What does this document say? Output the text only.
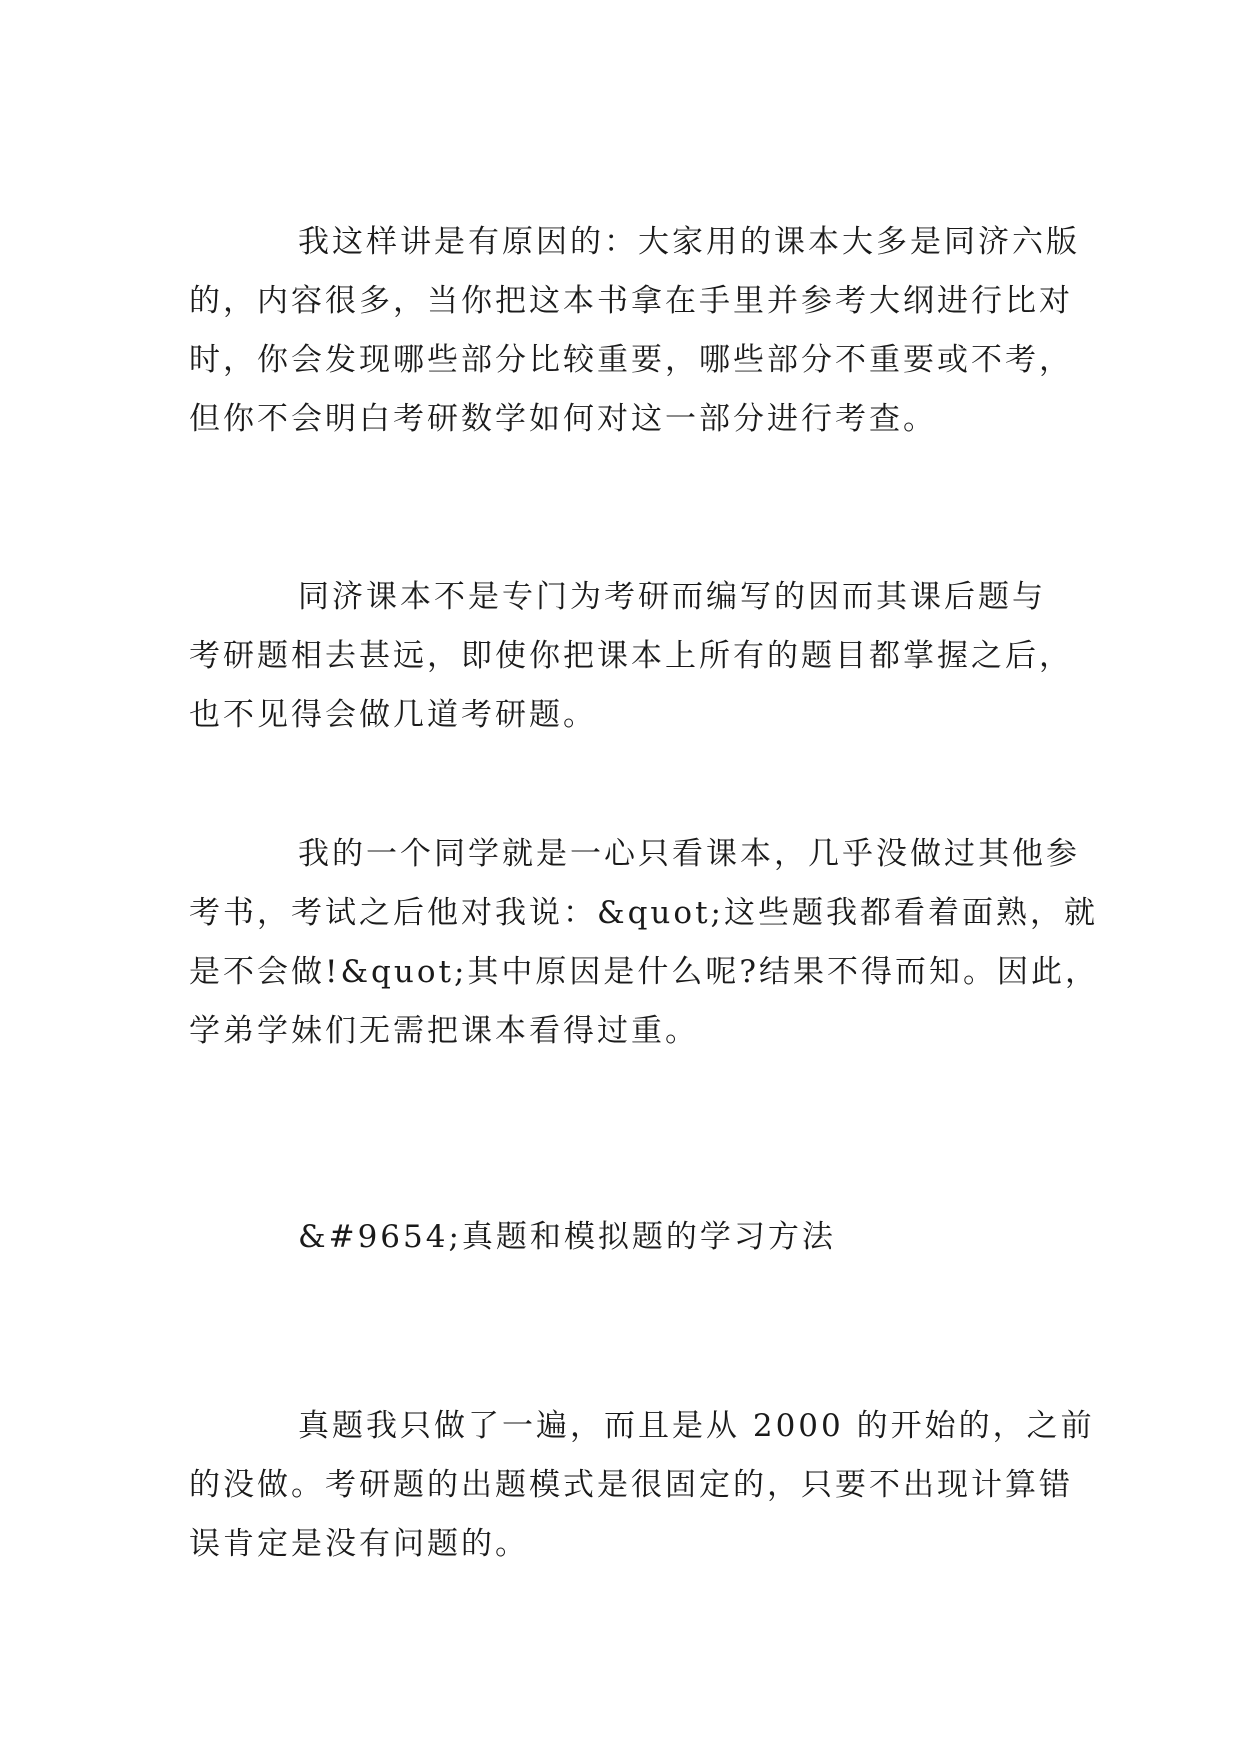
我这样讲是有原因的：大家用的课本大多是同济六版
的，内容很多，当你把这本书拿在手里并参考大纲进行比对
时，你会发现哪些部分比较重要，哪些部分不重要或不考，
但你不会明白考研数学如何对这一部分进行考查。
同济课本不是专门为考研而编写的因而其课后题与
考研题相去甚远，即使你把课本上所有的题目都掌握之后，
也不见得会做几道考研题。
我的一个同学就是一心只看课本，几乎没做过其他参
考书，考试之后他对我说：&quot;这些题我都看着面熟，就
是不会做!&quot;其中原因是什么呢?结果不得而知。因此，
学弟学妹们无需把课本看得过重。
&#9654;真题和模拟题的学习方法
真题我只做了一遍，而且是从 2000 的开始的，之前
的没做。考研题的出题模式是很固定的，只要不出现计算错
误肯定是没有问题的。
